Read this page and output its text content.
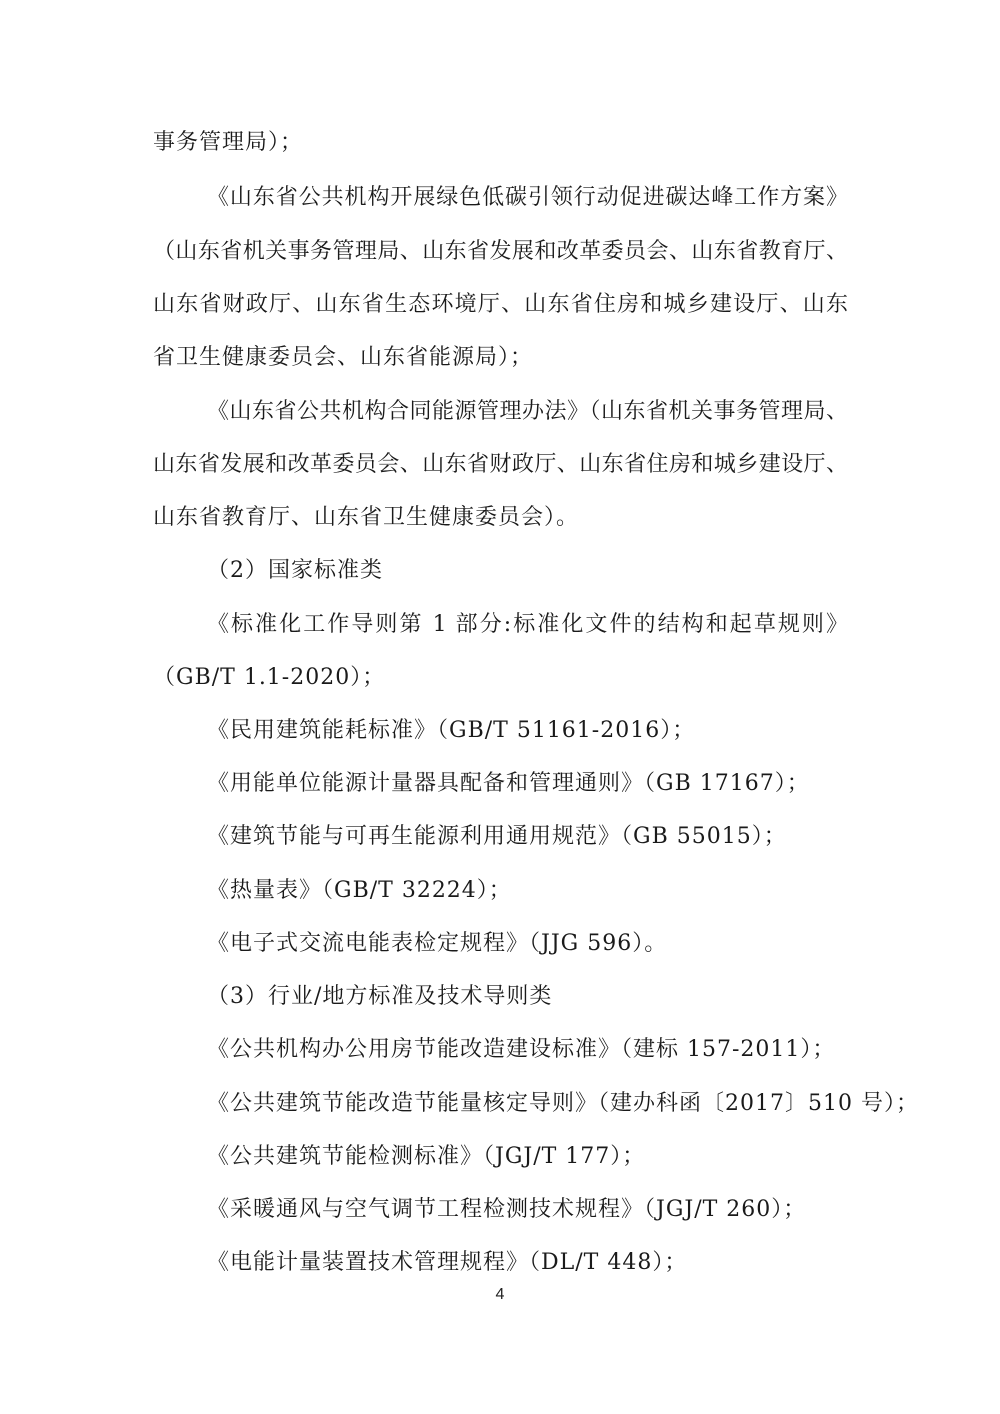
事务管理局）；
《山东省公共机构开展绿色低碳引领行动促进碳达峰工作方案》
（山东省机关事务管理局、山东省发展和改革委员会、山东省教育厅、
山东省财政厅、山东省生态环境厅、山东省住房和城乡建设厅、山东
省卫生健康委员会、山东省能源局）；
《山东省公共机构合同能源管理办法》（山东省机关事务管理局、
山东省发展和改革委员会、山东省财政厅、山东省住房和城乡建设厅、
山东省教育厅、山东省卫生健康委员会）。
（2）国家标准类
《标准化工作导则第 1 部分:标准化文件的结构和起草规则》
（GB/T 1.1-2020）；
《民用建筑能耗标准》（GB/T 51161-2016）；
《用能单位能源计量器具配备和管理通则》（GB 17167）；
《建筑节能与可再生能源利用通用规范》（GB 55015）；
《热量表》（GB/T 32224）；
《电子式交流电能表检定规程》（JJG 596）。
（3）行业/地方标准及技术导则类
《公共机构办公用房节能改造建设标准》（建标 157-2011）；
《公共建筑节能改造节能量核定导则》（建办科函〔2017〕510 号）；
《公共建筑节能检测标准》（JGJ/T 177）；
《采暖通风与空气调节工程检测技术规程》（JGJ/T 260）；
《电能计量装置技术管理规程》（DL/T 448）；
4
